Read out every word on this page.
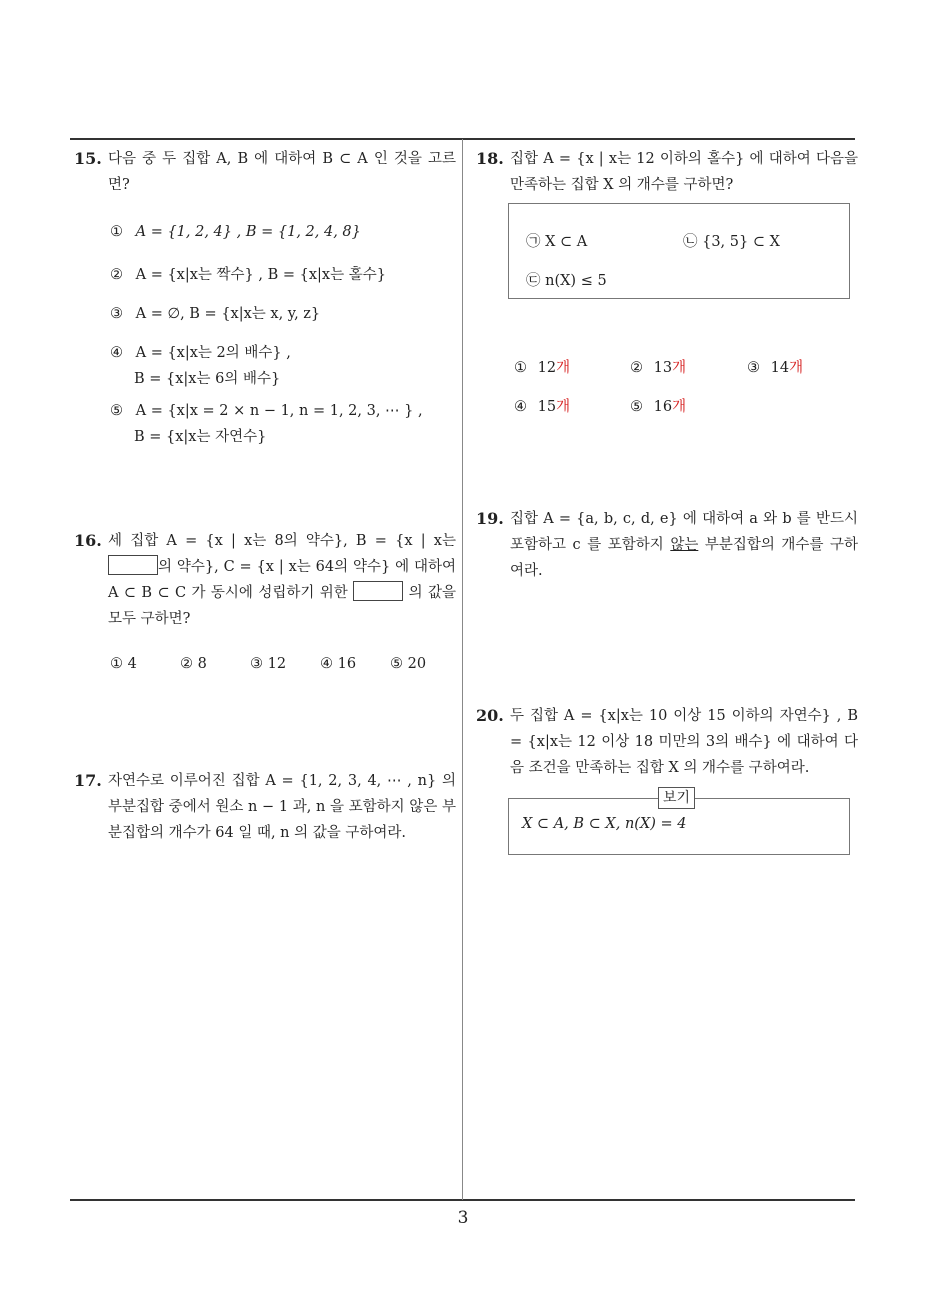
15. 다음 중 두 집합 A, B 에 대하여 B ⊂ A 인 것을 고르면?
① A = {1, 2, 4} , B = {1, 2, 4, 8}
② A = {x|x는 짝수} , B = {x|x는 홀수}
③ A = ∅, B = {x|x는 x, y, z}
④ A = {x|x는 2의 배수} ,
B = {x|x는 6의 배수}
⑤ A = {x|x = 2 × n − 1, n = 1, 2, 3, ⋯ } ,
B = {x|x는 자연수}
16. 세 집합 A = {x | x는 8의 약수}, B = {x | x는 의 약수}, C = {x | x는 64의 약수} 에 대하여 A ⊂ B ⊂ C 가 동시에 성립하기 위한	의 값을 모두 구하면?
① 4	② 8	③ 12 ④ 16 ⑤ 20
17. 자연수로 이루어진 집합 A = {1, 2, 3, 4, ⋯ , n} 의 부분집합 중에서 원소 n − 1 과, n 을 포함하지 않은 부분집합의 개수가 64 일 때, n 의 값을 구하여라.
18. 집합 A = {x | x는 12 이하의 홀수} 에 대하여 다음을 만족하는 집합 X 의 개수를 구하면?
㉠ X ⊂ A	㉡ {3, 5} ⊂ X
㉢ n(X) ≤ 5
① 12개	② 13개	③ 14개
④ 15개	⑤ 16개
19. 집합 A = {a, b, c, d, e} 에 대하여 a 와 b 를 반드시 포함하고 c 를 포함하지 않는 부분집합의 개수를 구하여라.
20. 두 집합 A = {x|x는 10 이상 15 이하의 자연수} , B = {x|x는 12 이상 18 미만의 3의 배수} 에 대하여 다음 조건을 만족하는 집합 X 의 개수를 구하여라.
보기
X ⊂ A, B ⊂ X, n(X) = 4
3
